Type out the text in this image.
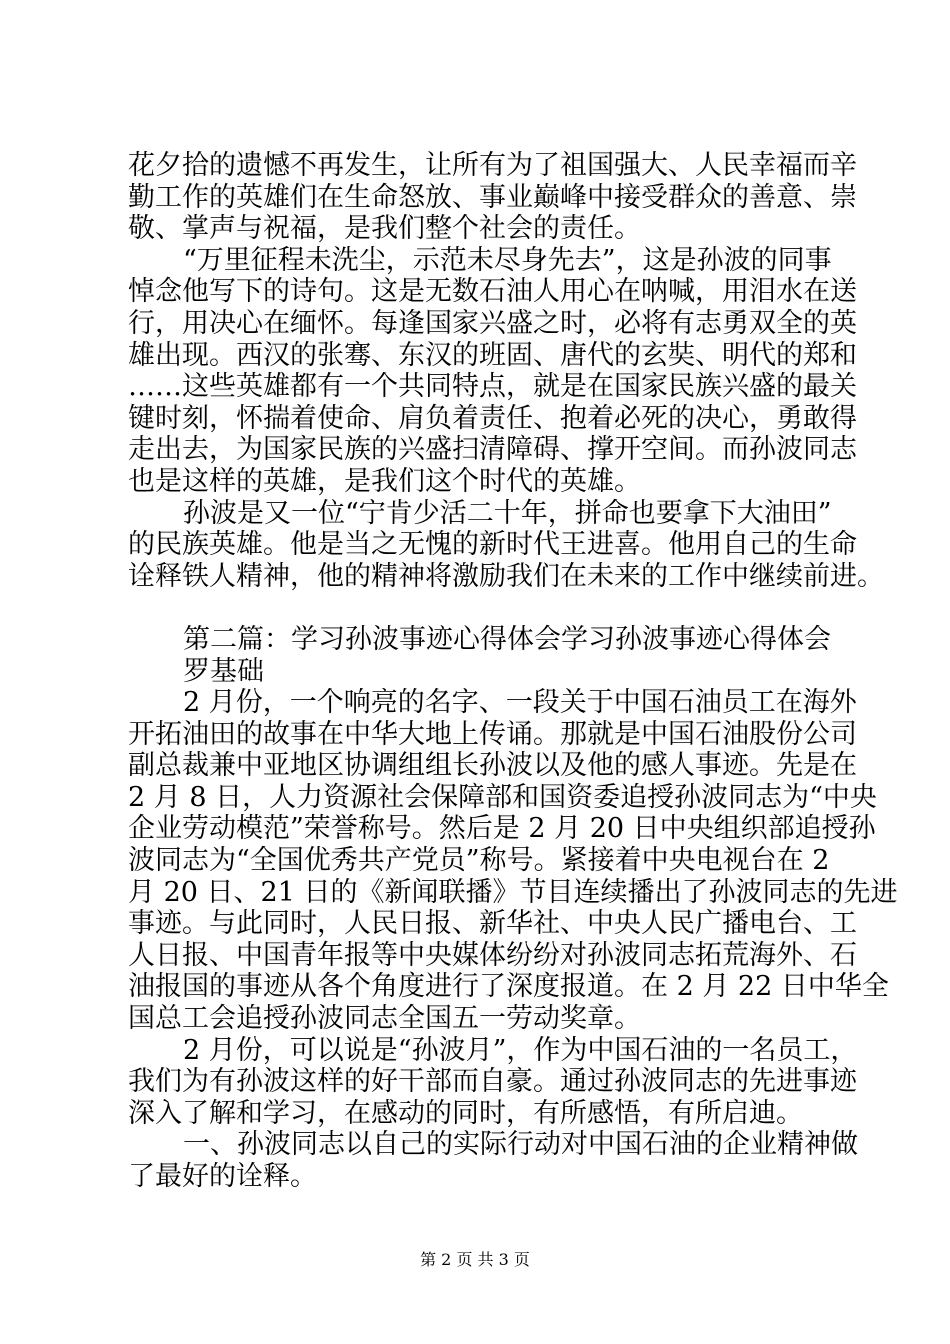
花夕拾的遗憾不再发生，让所有为了祖国强大、人民幸福而辛
勤工作的英雄们在生命怒放、事业巅峰中接受群众的善意、崇
敬、掌声与祝福，是我们整个社会的责任。
“万里征程未洗尘，示范未尽身先去”，这是孙波的同事
悼念他写下的诗句。这是无数石油人用心在呐喊，用泪水在送
行，用决心在缅怀。每逢国家兴盛之时，必将有志勇双全的英
雄出现。西汉的张骞、东汉的班固、唐代的玄奘、明代的郑和
……这些英雄都有一个共同特点，就是在国家民族兴盛的最关
键时刻，怀揣着使命、肩负着责任、抱着必死的决心，勇敢得
走出去，为国家民族的兴盛扫清障碍、撑开空间。而孙波同志
也是这样的英雄，是我们这个时代的英雄。
孙波是又一位“宁肯少活二十年，拼命也要拿下大油田”
的民族英雄。他是当之无愧的新时代王进喜。他用自己的生命
诠释铁人精神，他的精神将激励我们在未来的工作中继续前进。
第二篇：学习孙波事迹心得体会学习孙波事迹心得体会
罗基础
2 月份，一个响亮的名字、一段关于中国石油员工在海外
开拓油田的故事在中华大地上传诵。那就是中国石油股份公司
副总裁兼中亚地区协调组组长孙波以及他的感人事迹。先是在
2 月 8 日，人力资源社会保障部和国资委追授孙波同志为“中央
企业劳动模范”荣誉称号。然后是 2 月 20 日中央组织部追授孙
波同志为“全国优秀共产党员”称号。紧接着中央电视台在 2
月 20 日、21 日的《新闻联播》节目连续播出了孙波同志的先进
事迹。与此同时，人民日报、新华社、中央人民广播电台、工
人日报、中国青年报等中央媒体纷纷对孙波同志拓荒海外、石
油报国的事迹从各个角度进行了深度报道。在 2 月 22 日中华全
国总工会追授孙波同志全国五一劳动奖章。
2 月份，可以说是“孙波月”，作为中国石油的一名员工，
我们为有孙波这样的好干部而自豪。通过孙波同志的先进事迹
深入了解和学习，在感动的同时，有所感悟，有所启迪。
一、孙波同志以自己的实际行动对中国石油的企业精神做
了最好的诠释。
第 2 页 共 3 页
